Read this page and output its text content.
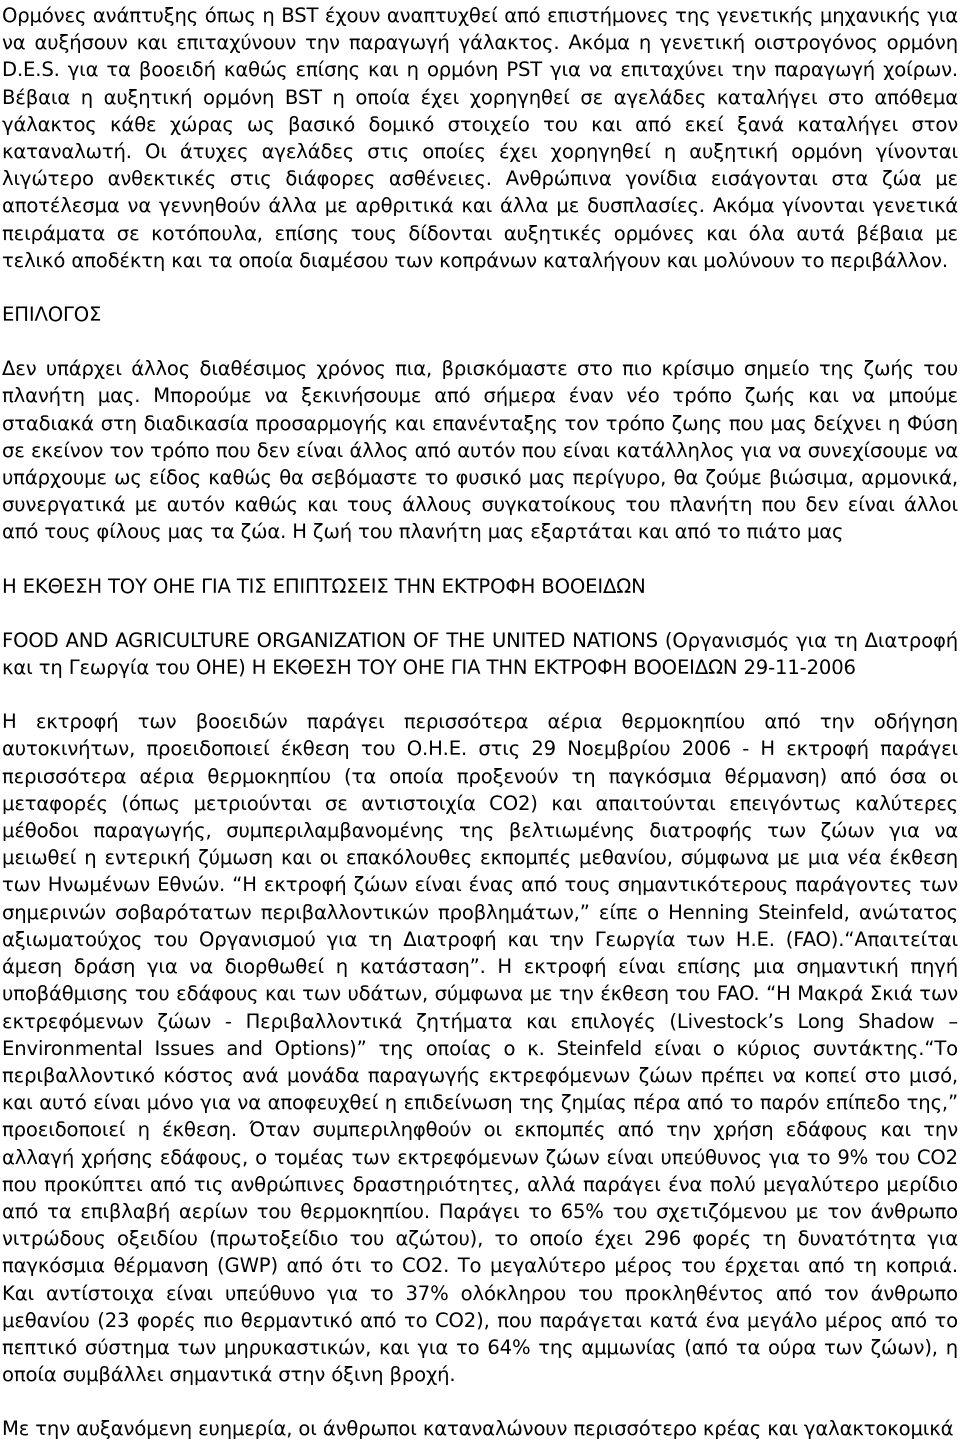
Ορμόνες ανάπτυξης όπως η BST έχουν αναπτυχθεί από επιστήμονες της γενετικής μηχανικής για να αυξήσουν και επιταχύνουν την παραγωγή γάλακτος. Ακόμα η γενετική οιστρογόνος ορμόνη D.E.S. για τα βοοειδή καθώς επίσης και η ορμόνη PST για να επιταχύνει την παραγωγή χοίρων. Βέβαια η αυξητική ορμόνη BST η οποία έχει χορηγηθεί σε αγελάδες καταλήγει στο απόθεμα γάλακτος κάθε χώρας ως βασικό δομικό στοιχείο του και από εκεί ξανά καταλήγει στον καταναλωτή. Οι άτυχες αγελάδες στις οποίες έχει χορηγηθεί η αυξητική ορμόνη γίνονται λιγώτερο ανθεκτικές στις διάφορες ασθένειες. Ανθρώπινα γονίδια εισάγονται στα ζώα με αποτέλεσμα να γεννηθούν άλλα με αρθριτικά και άλλα με δυσπλασίες. Ακόμα γίνονται γενετικά πειράματα σε κοτόπουλα, επίσης τους δίδονται αυξητικές ορμόνες και όλα αυτά βέβαια με τελικό αποδέκτη και τα οποία διαμέσου των κοπράνων καταλήγουν και μολύνουν το περιβάλλον.

ΕΠΙΛΟΓΟΣ

Δεν υπάρχει άλλος διαθέσιμος χρόνος πια, βρισκόμαστε στο πιο κρίσιμο σημείο της ζωής του πλανήτη μας. Μπορούμε να ξεκινήσουμε από σήμερα έναν νέο τρόπο ζωής και να μπούμε σταδιακά στη διαδικασία προσαρμογής και επανένταξης τον τρόπο ζωης που μας δείχνει η Φύση σε εκείνον τον τρόπο που δεν είναι άλλος από αυτόν που είναι κατάλληλος για να συνεχίσουμε να υπάρχουμε ως είδος καθώς θα σεβόμαστε το φυσικό μας περίγυρο, θα ζούμε βιώσιμα, αρμονικά, συνεργατικά με αυτόν καθώς και τους άλλους συγκατοίκους του πλανήτη που δεν είναι άλλοι από τους φίλους μας τα ζώα. Η ζωή του πλανήτη μας εξαρτάται και από το πιάτο μας

Η ΕΚΘΕΣΗ ΤΟΥ ΟΗΕ ΓΙΑ ΤΙΣ ΕΠΙΠΤΩΣΕΙΣ ΤΗΝ ΕΚΤΡΟΦΗ ΒΟΟΕΙΔΩΝ

FOOD AND AGRICULTURE ORGANIZATION OF THE UNITED NATIONS (Οργανισμός για τη Διατροφή και τη Γεωργία του ΟΗΕ) Η ΕΚΘΕΣΗ ΤΟΥ ΟΗΕ ΓΙΑ ΤΗΝ ΕΚΤΡΟΦΗ ΒΟΟΕΙΔΩΝ 29-11-2006

Η εκτροφή των βοοειδών παράγει περισσότερα αέρια θερμοκηπίου από την οδήγηση αυτοκινήτων, προειδοποιεί έκθεση του Ο.Η.Ε. στις 29 Νοεμβρίου 2006 - Η εκτροφή παράγει περισσότερα αέρια θερμοκηπίου (τα οποία προξενούν τη παγκόσμια θέρμανση) από όσα οι μεταφορές (όπως μετριούνται σε αντιστοιχία CO2) και απαιτούνται επειγόντως καλύτερες μέθοδοι παραγωγής, συμπεριλαμβανομένης της βελτιωμένης διατροφής των ζώων για να μειωθεί η εντερική ζύμωση και οι επακόλουθες εκπομπές μεθανίου, σύμφωνα με μια νέα έκθεση των Ηνωμένων Εθνών. “Η εκτροφή ζώων είναι ένας από τους σημαντικότερους παράγοντες των σημερινών σοβαρότατων περιβαλλοντικών προβλημάτων,” είπε ο Henning Steinfeld, ανώτατος αξιωματούχος του Οργανισμού για τη Διατροφή και την Γεωργία των Η.Ε. (FAO).“Απαιτείται άμεση δράση για να διορθωθεί η κατάσταση”. Η εκτροφή είναι επίσης μια σημαντική πηγή υποβάθμισης του εδάφους και των υδάτων, σύμφωνα με την έκθεση του FAO. “Η Μακρά Σκιά των εκτρεφόμενων ζώων - Περιβαλλοντικά ζητήματα και επιλογές (Livestock’s Long Shadow – Environmental Issues and Options)” της οποίας ο κ. Steinfeld είναι ο κύριος συντάκτης.“Το περιβαλλοντικό κόστος ανά μονάδα παραγωγής εκτρεφόμενων ζώων πρέπει να κοπεί στο μισό, και αυτό είναι μόνο για να αποφευχθεί η επιδείνωση της ζημίας πέρα από το παρόν επίπεδο της,” προειδοποιεί η έκθεση. Όταν συμπεριλ​ηφθούν οι εκπομπές από την χρήση εδάφους και την αλλαγή χρήσης εδάφους, ο τομέας των εκτρεφόμενων ζώων είναι υπεύθυνος για το 9% του CO2 που προκύπτει από τις ανθρώπινες δραστηριότητες, αλλά παράγει ένα πολύ μεγαλύτερο μερίδιο από τα επιβλαβή αερίων του θερμοκηπίου. Παράγει το 65% του σχετιζόμενου με τον άνθρωπο νιτρώδους οξειδίου (πρωτοξείδιο του αζώτου), το οποίο έχει 296 φορές τη δυνατότητα για παγκόσμια θέρμανση (GWP) από ότι το CO2. Το μεγαλύτερο μέρος του έρχεται από τη κοπριά. Και αντίστοιχα είναι υπεύθυνο για το 37% ολόκληρου του προκληθέντος από τον άνθρωπο μεθανίου (23 φορές πιο θερμαντικό από το CO2), που παράγεται κατά ένα μεγάλο μέρος από το πεπτικό σύστημα των μηρυκαστικών, και για το 64% της αμμωνίας (από τα ούρα των ζώων), η οποία συμβάλλει σημαντικά στην όξινη βροχή.

Με την αυξανόμενη ευημερία, οι άνθρωποι καταναλώνουν περισσότερο κρέας και γαλακτοκομικά
